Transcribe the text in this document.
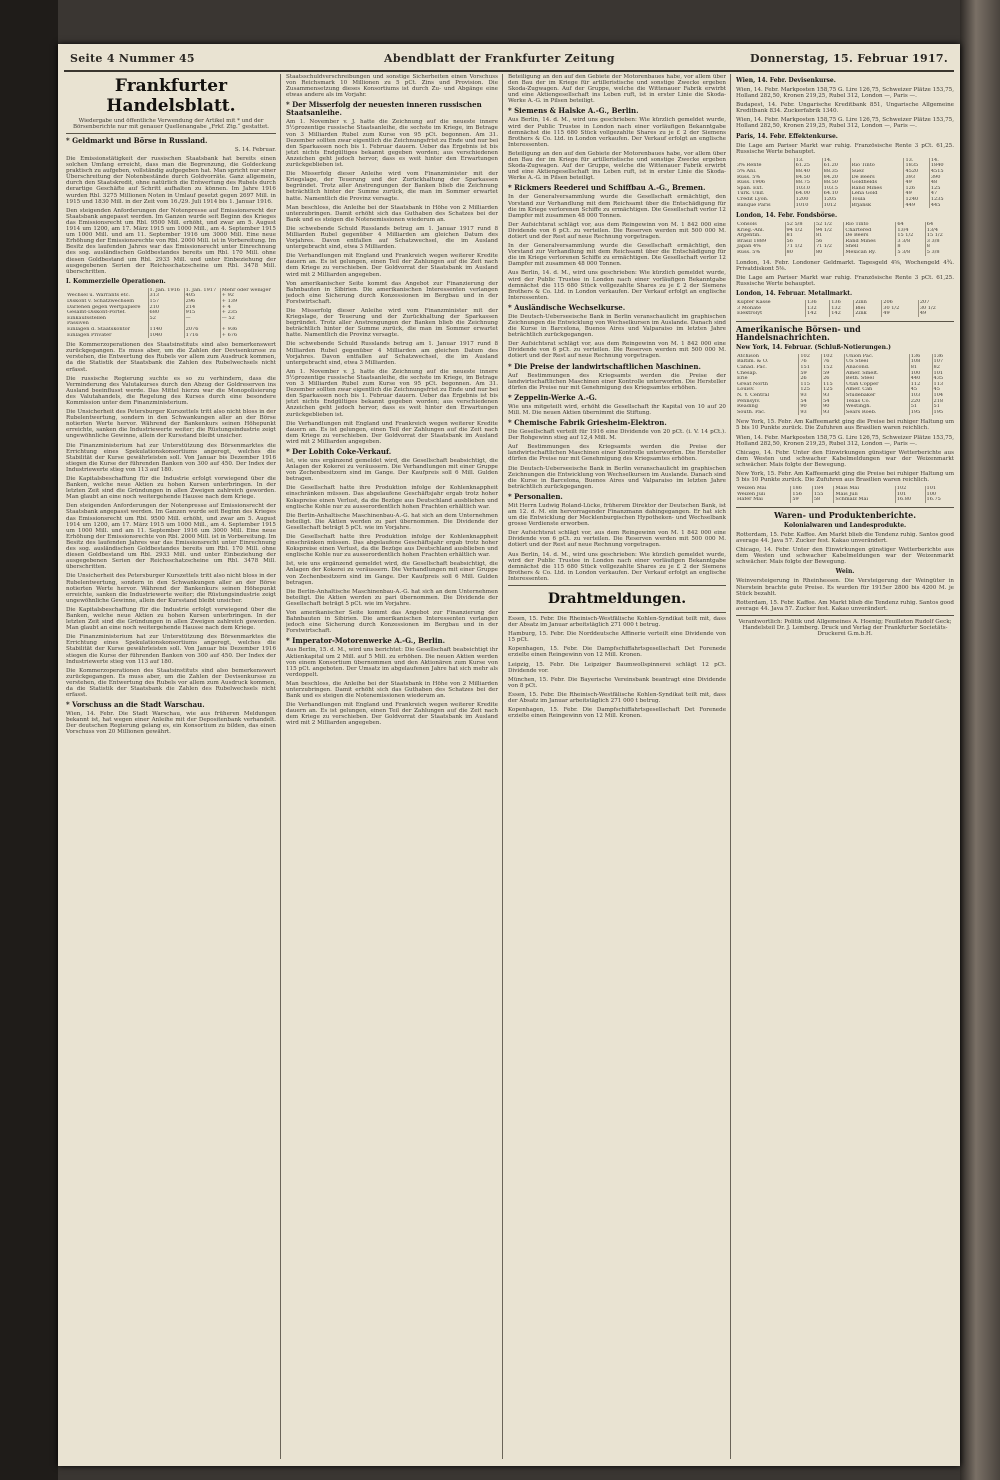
Seite 4 Nummer 45	Abendblatt der Frankfurter Zeitung	Donnerstag, 15. Februar 1917.
Frankfurter Handelsblatt.
Wiedergabe und öffentliche Verwendung der Artikel mit * und der Börsenberichte nur mit genauer Quellenangabe „Frkf. Ztg.“ gestattet.
* Geldmarkt und Börse in Russland.
S. 14. Februar.

Die Emissionstätigkeit der russischen Staatsbank hat bereits einen solchen Umfang erreicht, dass man die Begrenzung, die Goldeckung praktisch zu aufgeben, vollständig aufgegeben hat. Man spricht nur einer Überschreitung der Notenbestände durch Goldvorräte. Ganz allgemein, durch den Staatskredit, ohne natürlich die Entwertung des Rubels durch derartige Geschäfte auf Schritt aufhalten zu können. Im Jahre 1916 wurden Rbl. 3275 Millionen Noten in Umlauf gesetzt gegen 2697 Mill. in 1915 und 1830 Mill. in der Zeit vom 16./29. Juli 1914 bis 1. Januar 1916.

Den steigenden Anforderungen der Notenpresse auf Emissionsrecht der Staatsbank angepasst werden. Im Ganzen wurde seit Beginn des Krieges das Emissionsrecht um Rbl. 9500 Mill. erhöht, und zwar am 5. August 1914 um 1200, am 17. März 1915 um 1000 Mill., am 4. September 1915 um 1000 Mill. und am 11. September 1916 um 3000 Mill. Eine neue Erhöhung der Emissionsrechte von Rbl. 2000 Mill. ist in Vorbereitung. Im Besitz des laufenden Jahres war das Emissionsrecht unter Einrechnung des sog. ausländischen Goldbestandes bereits um Rbl. 170 Mill. ohne diesen Goldbestand um Rbl. 2933 Mill. und unter Einbeziehung der ausgegebenen Serien der Reichsschatzscheine um Rbl. 3478 Mill. überschritten.

I. Kommerzielle Operationen.
	1. Jan. 1916	1. Jan. 1917	Mehr oder weniger
Wechsel u. Warrants etc.	313	405	+ 92
Diskont v. Schatzwechseln	157	296	+ 139
Darlehen gegen Wertpapiere	210	214	+ 4
Gesamt-Diskont-Portef.	680	915	+ 235
Einkaufsstellen	52	—	— 52
Passiven			
Einlagen d. Staatskontor	1140	2076	+ 936
Einlagen Privater	1040	1716	+ 676

Die Kommerzoperationen des Staatsinstituts sind also bemerkenswert zurückgegangen. Es muss aber, um die Zahlen der Devisenkursse zu verstehen, die Entwertung des Rubels vor allem zum Ausdruck kommen, da die Statistik der Staatsbank die Zahlen des Rubelwechsels nicht erfasst.

Die russische Regierung suchte es so zu verhindern, dass die Verminderung des Valutakurses durch den Abzug der Goldreserven ins Ausland beeinflusst werde. Das Mittel hierzu war die Monopolisierung des Valutahandels, die Regelung des Kurses durch eine besondere Kommission unter dem Finanzministerium.

Die Unsicherheit des Petersburger Kurszettels tritt also nicht bloss in der Rubelentwertung, sondern in den Schwankungen aller an der Börse notierten Werte hervor. Während der Bankenkurs seinen Höhepunkt erreichte, sanken die Industriewerte weiter; die Rüstungsindustrie zeigt ungewöhnliche Gewinne, allein der Kursstand bleibt unsicher.

Die Finanzministerium hat zur Unterstützung des Börsenmarktes die Errichtung eines Spekulationskonsortiums angeregt, welches die Stabilität der Kurse gewährleisten soll. Von Januar bis Dezember 1916 stiegen die Kurse der führenden Banken von 300 auf 450. Der Index der Industriewerte stieg von 113 auf 180.

Die Kapitalsbeschaffung für die Industrie erfolgt vorwiegend über die Banken, welche neue Aktien zu hohen Kursen unterbringen. In der letzten Zeit sind die Gründungen in allen Zweigen zahlreich geworden. Man glaubt an eine noch weitergehende Hausse nach dem Kriege.

Den steigenden Anforderungen der Notenpresse auf Emissionsrecht der Staatsbank angepasst werden. Im Ganzen wurde seit Beginn des Krieges das Emissionsrecht um Rbl. 9500 Mill. erhöht, und zwar am 5. August 1914 um 1200, am 17. März 1915 um 1000 Mill., am 4. September 1915 um 1000 Mill. und am 11. September 1916 um 3000 Mill. Eine neue Erhöhung der Emissionsrechte von Rbl. 2000 Mill. ist in Vorbereitung. Im Besitz des laufenden Jahres war das Emissionsrecht unter Einrechnung des sog. ausländischen Goldbestandes bereits um Rbl. 170 Mill. ohne diesen Goldbestand um Rbl. 2933 Mill. und unter Einbeziehung der ausgegebenen Serien der Reichsschatzscheine um Rbl. 3478 Mill. überschritten.

Die Unsicherheit des Petersburger Kurszettels tritt also nicht bloss in der Rubelentwertung, sondern in den Schwankungen aller an der Börse notierten Werte hervor. Während der Bankenkurs seinen Höhepunkt erreichte, sanken die Industriewerte weiter; die Rüstungsindustrie zeigt ungewöhnliche Gewinne, allein der Kursstand bleibt unsicher.

Die Kapitalsbeschaffung für die Industrie erfolgt vorwiegend über die Banken, welche neue Aktien zu hohen Kursen unterbringen. In der letzten Zeit sind die Gründungen in allen Zweigen zahlreich geworden. Man glaubt an eine noch weitergehende Hausse nach dem Kriege.

Die Finanzministerium hat zur Unterstützung des Börsenmarktes die Errichtung eines Spekulationskonsortiums angeregt, welches die Stabilität der Kurse gewährleisten soll. Von Januar bis Dezember 1916 stiegen die Kurse der führenden Banken von 300 auf 450. Der Index der Industriewerte stieg von 113 auf 180.

Die Kommerzoperationen des Staatsinstituts sind also bemerkenswert zurückgegangen. Es muss aber, um die Zahlen der Devisenkursse zu verstehen, die Entwertung des Rubels vor allem zum Ausdruck kommen, da die Statistik der Staatsbank die Zahlen des Rubelwechsels nicht erfasst.

* Vorschuss an die Stadt Warschau.

Wien, 14. Febr. Die Stadt Warschau, wie aus früheren Meldungen bekannt ist, hat wegen einer Anleihe mit der Depositenbank verhandelt. Der deutschen Regierung gelang es, ein Konsortium zu bilden, das einen Vorschuss von 20 Millionen gewährt.

Staatsschuldverschreibungen und sonstige Sicherheiten einen Vorschuss von Reichsmark 10 Millionen zu 5 pCt. Zins und Provision. Die Zusammensetzung dieses Konsortiums ist durch Zu- und Abgänge eine etwas andere als im Vorjahr.

* Der Misserfolg der neuesten inneren russischen Staatsanleihe.

Am 1. November v. J. hatte die Zeichnung auf die neueste innere 5½prozentige russische Staatsanleihe, die sechste im Kriege, im Betrage von 3 Milliarden Rubel zum Kurse von 95 pCt. begonnen. Am 31. Dezember sollten zwar eigentlich die Zeichnungsfrist zu Ende und nur bei den Sparkassen noch bis 1. Februar dauern. Ueber das Ergebnis ist bis jetzt nichts Endgültiges bekannt gegeben worden; aus verschiedenen Anzeichen geht jedoch hervor, dass es weit hinter den Erwartungen zurückgeblieben ist.

Die Misserfolg dieser Anleihe wird vom Finanzminister mit der Kriegslage, der Teuerung und der Zurückhaltung der Sparkassen begründet. Trotz aller Anstrengungen der Banken blieb die Zeichnung beträchtlich hinter der Summe zurück, die man im Sommer erwartet hatte. Namentlich die Provinz versagte.

Man beschloss, die Anleihe bei der Staatsbank in Höhe von 2 Milliarden unterzubringen. Damit erhöht sich das Guthaben des Schatzes bei der Bank und es steigen die Notenemissionen wiederum an.

Die schwebende Schuld Russlands betrug am 1. Januar 1917 rund 8 Milliarden Rubel gegenüber 4 Milliarden am gleichen Datum des Vorjahres. Davon entfallen auf Schatzwechsel, die im Ausland untergebracht sind, etwa 3 Milliarden.

Die Verhandlungen mit England und Frankreich wegen weiterer Kredite dauern an. Es ist gelungen, einen Teil der Zahlungen auf die Zeit nach dem Kriege zu verschieben. Der Goldvorrat der Staatsbank im Ausland wird mit 2 Milliarden angegeben.

Von amerikanischer Seite kommt das Angebot zur Finanzierung der Bahnbauten in Sibirien. Die amerikanischen Interessenten verlangen jedoch eine Sicherung durch Konzessionen im Bergbau und in der Forstwirtschaft.

Die Misserfolg dieser Anleihe wird vom Finanzminister mit der Kriegslage, der Teuerung und der Zurückhaltung der Sparkassen begründet. Trotz aller Anstrengungen der Banken blieb die Zeichnung beträchtlich hinter der Summe zurück, die man im Sommer erwartet hatte. Namentlich die Provinz versagte.

Die schwebende Schuld Russlands betrug am 1. Januar 1917 rund 8 Milliarden Rubel gegenüber 4 Milliarden am gleichen Datum des Vorjahres. Davon entfallen auf Schatzwechsel, die im Ausland untergebracht sind, etwa 3 Milliarden.

Am 1. November v. J. hatte die Zeichnung auf die neueste innere 5½prozentige russische Staatsanleihe, die sechste im Kriege, im Betrage von 3 Milliarden Rubel zum Kurse von 95 pCt. begonnen. Am 31. Dezember sollten zwar eigentlich die Zeichnungsfrist zu Ende und nur bei den Sparkassen noch bis 1. Februar dauern. Ueber das Ergebnis ist bis jetzt nichts Endgültiges bekannt gegeben worden; aus verschiedenen Anzeichen geht jedoch hervor, dass es weit hinter den Erwartungen zurückgeblieben ist.

Die Verhandlungen mit England und Frankreich wegen weiterer Kredite dauern an. Es ist gelungen, einen Teil der Zahlungen auf die Zeit nach dem Kriege zu verschieben. Der Goldvorrat der Staatsbank im Ausland wird mit 2 Milliarden angegeben.

* Der Lobith Coke-Verkauf.

Ist, wie uns ergänzend gemeldet wird, die Gesellschaft beabsichtigt, die Anlagen der Kokerei zu veräussern. Die Verhandlungen mit einer Gruppe von Zechenbesitzern sind im Gange. Der Kaufpreis soll 6 Mill. Gulden betragen.

Die Gesellschaft hatte ihre Produktion infolge der Kohlenknappheit einschränken müssen. Das abgelaufene Geschäftsjahr ergab trotz hoher Kokspreise einen Verlust, da die Bezüge aus Deutschland ausblieben und englische Kohle nur zu ausserordentlich hohen Frachten erhältlich war.

Die Berlin-Anhaltische Maschinenbau-A.-G. hat sich an dem Unternehmen beteiligt. Die Aktien werden zu pari übernommen. Die Dividende der Gesellschaft beträgt 5 pCt. wie im Vorjahre.

Die Gesellschaft hatte ihre Produktion infolge der Kohlenknappheit einschränken müssen. Das abgelaufene Geschäftsjahr ergab trotz hoher Kokspreise einen Verlust, da die Bezüge aus Deutschland ausblieben und englische Kohle nur zu ausserordentlich hohen Frachten erhältlich war.

Ist, wie uns ergänzend gemeldet wird, die Gesellschaft beabsichtigt, die Anlagen der Kokerei zu veräussern. Die Verhandlungen mit einer Gruppe von Zechenbesitzern sind im Gange. Der Kaufpreis soll 6 Mill. Gulden betragen.

Die Berlin-Anhaltische Maschinenbau-A.-G. hat sich an dem Unternehmen beteiligt. Die Aktien werden zu pari übernommen. Die Dividende der Gesellschaft beträgt 5 pCt. wie im Vorjahre.

Von amerikanischer Seite kommt das Angebot zur Finanzierung der Bahnbauten in Sibirien. Die amerikanischen Interessenten verlangen jedoch eine Sicherung durch Konzessionen im Bergbau und in der Forstwirtschaft.

* Imperator-Motorenwerke A.-G., Berlin.

Aus Berlin, 15. d. M., wird uns berichtet: Die Gesellschaft beabsichtigt ihr Aktienkapital um 2 Mill. auf 5 Mill. zu erhöhen. Die neuen Aktien werden von einem Konsortium übernommen und den Aktionären zum Kurse von 115 pCt. angeboten. Der Umsatz im abgelaufenen Jahre hat sich mehr als verdoppelt.

Man beschloss, die Anleihe bei der Staatsbank in Höhe von 2 Milliarden unterzubringen. Damit erhöht sich das Guthaben des Schatzes bei der Bank und es steigen die Notenemissionen wiederum an.

Die Verhandlungen mit England und Frankreich wegen weiterer Kredite dauern an. Es ist gelungen, einen Teil der Zahlungen auf die Zeit nach dem Kriege zu verschieben. Der Goldvorrat der Staatsbank im Ausland wird mit 2 Milliarden angegeben.

Beteiligung an den auf den Gebiete der Motorenbaues habe, vor allem über den Bau der im Kriege für artilleristische und sonstige Zwecke ergeben Skoda-Zugwagen. Auf der Gruppe, welche die Wittenauer Fabrik erwirbt und eine Aktiengesellschaft ins Leben ruft, ist in erster Linie die Skoda-Werke A.-G. in Pilsen beteiligt.

* Siemens & Halske A.-G., Berlin.

Aus Berlin, 14. d. M., wird uns geschrieben: Wie kürzlich gemeldet wurde, wird der Public Trustee in London nach einer vorläufigen Bekanntgabe demnächst die 115 680 Stück vollgezahlte Shares zu je £ 2 der Siemens Brothers & Co. Ltd. in London verkaufen. Der Verkauf erfolgt an englische Interessenten.

Beteiligung an den auf den Gebiete der Motorenbaues habe, vor allem über den Bau der im Kriege für artilleristische und sonstige Zwecke ergeben Skoda-Zugwagen. Auf der Gruppe, welche die Wittenauer Fabrik erwirbt und eine Aktiengesellschaft ins Leben ruft, ist in erster Linie die Skoda-Werke A.-G. in Pilsen beteiligt.

* Rickmers Reederei und Schiffbau A.-G., Bremen.

In der Generalversammlung wurde die Gesellschaft ermächtigt, den Vorstand zur Verhandlung mit dem Reichsamt über die Entschädigung für die im Kriege verlorenen Schiffe zu ermächtigen. Die Gesellschaft verlor 12 Dampfer mit zusammen 48 000 Tonnen.

Der Aufsichtsrat schlägt vor, aus dem Reingewinn von M. 1 842 000 eine Dividende von 6 pCt. zu verteilen. Die Reserven werden mit 500 000 M. dotiert und der Rest auf neue Rechnung vorgetragen.

In der Generalversammlung wurde die Gesellschaft ermächtigt, den Vorstand zur Verhandlung mit dem Reichsamt über die Entschädigung für die im Kriege verlorenen Schiffe zu ermächtigen. Die Gesellschaft verlor 12 Dampfer mit zusammen 48 000 Tonnen.

Aus Berlin, 14. d. M., wird uns geschrieben: Wie kürzlich gemeldet wurde, wird der Public Trustee in London nach einer vorläufigen Bekanntgabe demnächst die 115 680 Stück vollgezahlte Shares zu je £ 2 der Siemens Brothers & Co. Ltd. in London verkaufen. Der Verkauf erfolgt an englische Interessenten.

* Ausländische Wechselkurse.

Die Deutsch-Ueberseeische Bank in Berlin veranschaulicht im graphischen Zeichnungen die Entwicklung von Wechselkursen im Auslande. Danach sind die Kurse in Barcelona, Buenos Aires und Valparaiso im letzten Jahre beträchtlich zurückgegangen.

Der Aufsichtsrat schlägt vor, aus dem Reingewinn von M. 1 842 000 eine Dividende von 6 pCt. zu verteilen. Die Reserven werden mit 500 000 M. dotiert und der Rest auf neue Rechnung vorgetragen.

* Die Preise der landwirtschaftlichen Maschinen.

Auf Bestimmungen des Kriegsamts werden die Preise der landwirtschaftlichen Maschinen einer Kontrolle unterworfen. Die Hersteller dürfen die Preise nur mit Genehmigung des Kriegsamtes erhöhen.

* Zeppelin-Werke A.-G.

Wie uns mitgeteilt wird, erhöht die Gesellschaft ihr Kapital von 10 auf 20 Mill. M. Die neuen Aktien übernimmt die Stiftung.

* Chemische Fabrik Griesheim-Elektron.

Die Gesellschaft verteilt für 1916 eine Dividende von 20 pCt. (i. V. 14 pCt.). Der Rohgewinn stieg auf 12,4 Mill. M.

Auf Bestimmungen des Kriegsamts werden die Preise der landwirtschaftlichen Maschinen einer Kontrolle unterworfen. Die Hersteller dürfen die Preise nur mit Genehmigung des Kriegsamtes erhöhen.

Die Deutsch-Ueberseeische Bank in Berlin veranschaulicht im graphischen Zeichnungen die Entwicklung von Wechselkursen im Auslande. Danach sind die Kurse in Barcelona, Buenos Aires und Valparaiso im letzten Jahre beträchtlich zurückgegangen.

* Personalien.

Mit Herrn Ludwig Roland-Lücke, früherem Direktor der Deutschen Bank, ist am 12. d. M. ein hervorragender Finanzmann dahingegangen. Er hat sich um die Entwicklung der Mecklenburgischen Hypotheken- und Wechselbank grosse Verdienste erworben.

Der Aufsichtsrat schlägt vor, aus dem Reingewinn von M. 1 842 000 eine Dividende von 6 pCt. zu verteilen. Die Reserven werden mit 500 000 M. dotiert und der Rest auf neue Rechnung vorgetragen.

Aus Berlin, 14. d. M., wird uns geschrieben: Wie kürzlich gemeldet wurde, wird der Public Trustee in London nach einer vorläufigen Bekanntgabe demnächst die 115 680 Stück vollgezahlte Shares zu je £ 2 der Siemens Brothers & Co. Ltd. in London verkaufen. Der Verkauf erfolgt an englische Interessenten.

Drahtmeldungen.

Essen, 15. Febr. Die Rheinisch-Westfälische Kohlen-Syndikat teilt mit, dass der Absatz im Januar arbeitstäglich 271 000 t betrug.

Hamburg, 15. Febr. Die Norddeutsche Affinerie verteilt eine Dividende von 15 pCt.

Kopenhagen, 15. Febr. Die Dampfschiffahrtsgesellschaft Det Forenede erzielte einen Reingewinn von 12 Mill. Kronen.

Leipzig, 15. Febr. Die Leipziger Baumwollspinnerei schlägt 12 pCt. Dividende vor.

München, 15. Febr. Die Bayerische Vereinsbank beantragt eine Dividende von 8 pCt.

Essen, 15. Febr. Die Rheinisch-Westfälische Kohlen-Syndikat teilt mit, dass der Absatz im Januar arbeitstäglich 271 000 t betrug.

Kopenhagen, 15. Febr. Die Dampfschiffahrtsgesellschaft Det Forenede erzielte einen Reingewinn von 12 Mill. Kronen.

Wien, 14. Febr. Devisenkurse.

Wien, 14. Febr. Markposten 158,75 G. Lire 126,75, Schweizer Plätze 153,75, Holland 282,50, Kronen 219,25, Rubel 312, London —, Paris —.

Budapest, 14. Febr. Ungarische Kreditbank 851, Ungarische Allgemeine Kreditbank 834. Zuckerfabrik 1340.

Wien, 14. Febr. Markposten 158,75 G. Lire 126,75, Schweizer Plätze 153,75, Holland 282,50, Kronen 219,25, Rubel 312, London —, Paris —.

Paris, 14. Febr. Effektenkurse.

Die Lage am Pariser Markt war ruhig. Französische Rente 3 pCt. 61,25. Russische Werte behauptet.

	13.	14.		13.	14.
3% Rente	61.25	61.20	Rio Tinto	1835	1840
5% Anl.	88.40	88.35	Suez	4520	4515
Russ. 5%	84.50	84.20	De Beers	393	390
Russ. 1906	88.75	88.50	Goldfields	49	48
Span. Ext.	103.0	103.5	Rand Mines	126	125
Türk. Unif.	64.00	64.10	Lena Gold	49	47
Crédit Lyon.	1200	1205	Toula	1240	1235
Banque Paris	1010	1012	Brjansk	449	445
London, 14. Febr. Fondsbörse.
Consols	52 5/8	52 1/2	Rio Tinto	64	64
Krieg.-Anl.	94 1/2	94 1/2	Chartered	13/4	13/4
Argentin.	81	81	De Beers	15 1/2	15 1/2
Brasil 1889	56	56	Rand Mines	3 3/8	3 3/8
Japan 4%	71 1/2	71 1/2	Shell	8	8
Russ. 5%	80	80	Mexican Ry.	5 3/8	5 3/8

London, 14. Febr. Londoner Geldmarkt. Tagesgeld 4⅝, Wochengeld 4¾. Privatdiskont 5⅜.

Die Lage am Pariser Markt war ruhig. Französische Rente 3 pCt. 61,25. Russische Werte behauptet.

London, 14. Februar. Metallmarkt.
Kupfer Kasse	136	136	Zinn	206	207
3 Monate	132	132	Blei	30 1/2	30 1/2
Elektrolyt	142	142	Zink	49	49
Amerikanische Börsen- und Handelsnachrichten.
New York, 14. Februar. (Schluß-Notierungen.)
Atchison	102	102	Union Pac.	136	136
Baltim. & O.	76	76	US Steel	108	107
Canad. Pac.	151	152	Anacond.	81	82
Chesap.	59	59	Amer. Smelt.	100	101
Erie	26	26	Beth. Steel	440	435
Great North	115	115	Utah Copper	112	113
Louisv.	125	125	Amer. Can	45	45
N. Y. Central	93	93	Studebaker	103	104
Pennsylv.	54	54	Texas Co.	220	218
Reading	90	90	Westingh.	51	51
South. Pac.	93	93	Sears Roeb.	195	195

New York, 15. Febr. Am Kaffeemarkt ging die Preise bei ruhiger Haltung um 5 bis 10 Punkte zurück. Die Zufuhren aus Brasilien waren reichlich.

Wien, 14. Febr. Markposten 158,75 G. Lire 126,75, Schweizer Plätze 153,75, Holland 282,50, Kronen 219,25, Rubel 312, London —, Paris —.

Chicago, 14. Febr. Unter den Einwirkungen günstiger Wetterberichte aus dem Westen und schwacher Kabelmeldungen war der Weizenmarkt schwächer. Mais folgte der Bewegung.

New York, 15. Febr. Am Kaffeemarkt ging die Preise bei ruhiger Haltung um 5 bis 10 Punkte zurück. Die Zufuhren aus Brasilien waren reichlich.

Weizen Mai	186	184	Mais Mai	102	101
Weizen Juli	156	155	Mais Juli	101	100
Hafer Mai	59	58	Schmalz Mai	16.80	16.75
Waren- und Produktenberichte.
Kolonialwaren und Landesprodukte.

Rotterdam, 15. Febr. Kaffee. Am Markt blieb die Tendenz ruhig. Santos good average 44. Java 57. Zucker fest. Kakao unverändert.

Chicago, 14. Febr. Unter den Einwirkungen günstiger Wetterberichte aus dem Westen und schwacher Kabelmeldungen war der Weizenmarkt schwächer. Mais folgte der Bewegung.

Wein.

Weinversteigerung in Rheinhessen. Die Versteigerung der Weingüter in Nierstein brachte gute Preise. Es wurden für 1915er 2800 bis 4200 M. je Stück bezahlt.

Rotterdam, 15. Febr. Kaffee. Am Markt blieb die Tendenz ruhig. Santos good average 44. Java 57. Zucker fest. Kakao unverändert.

Verantwortlich: Politik und Allgemeines A. Hoenig; Feuilleton Rudolf Geck; Handelsteil Dr. J. Lemberg. Druck und Verlag der Frankfurter Societäts-Druckerei G.m.b.H.
